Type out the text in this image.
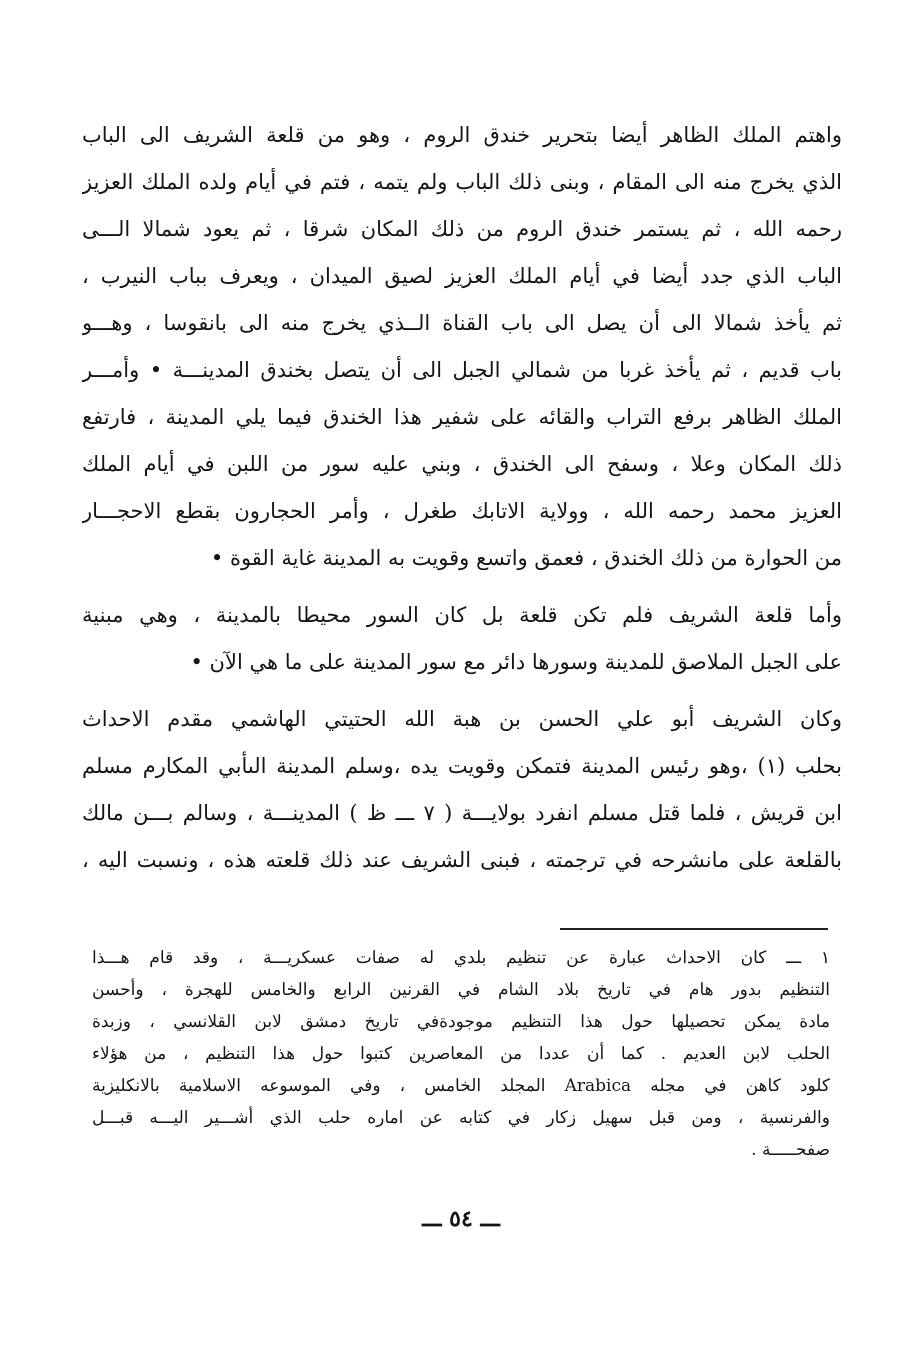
واهتم الملك الظاهر أيضا بتحرير خندق الروم ، وهو من قلعة الشريف الى الباب
الذي يخرج منه الى المقام ، وبنى ذلك الباب ولم يتمه ، فتم في أيام ولده الملك العزيز
رحمه الله ، ثم يستمر خندق الروم من ذلك المكان شرقا ، ثم يعود شمالا الـــى
الباب الذي جدد أيضا في أيام الملك العزيز لصيق الميدان ، ويعرف بباب النيرب ،
ثم يأخذ شمالا الى أن يصل الى باب القناة الــذي يخرج منه الى بانقوسا ، وهـــو
باب قديم ، ثم يأخذ غربا من شمالي الجبل الى أن يتصل بخندق المدينـــة • وأمـــر
الملك الظاهر برفع التراب والقائه على شفير هذا الخندق فيما يلي المدينة ، فارتفع
ذلك المكان وعلا ، وسفح الى الخندق ، وبني عليه سور من اللبن في أيام الملك
العزيز محمد رحمه الله ، وولاية الاتابك طغرل ، وأمر الحجارون بقطع الاحجـــار
من الحوارة من ذلك الخندق ، فعمق واتسع وقويت به المدينة غاية القوة •
وأما قلعة الشريف فلم تكن قلعة بل كان السور محيطا بالمدينة ، وهي مبنية
على الجبل الملاصق للمدينة وسورها دائر مع سور المدينة على ما هي الآن •
وكان الشريف أبو علي الحسن بن هبة الله الحتيتي الهاشمي مقدم الاحداث
بحلب (١) ،وهو رئيس المدينة فتمكن وقويت يده ،وسلم المدينة الىأبي المكارم مسلم
ابن قريش ، فلما قتل مسلم انفرد بولايـــة ( ٧ ـــ ظ ) المدينـــة ، وسالم بـــن مالك
بالقلعة على مانشرحه في ترجمته ، فبنى الشريف عند ذلك قلعته هذه ، ونسبت اليه ،
١ ـــ كان الاحداث عبارة عن تنظيم بلدي له صفات عسكريـــة ، وقد قام هـــذا
التنظيم بدور هام في تاريخ بلاد الشام في القرنين الرابع والخامس للهجرة ، وأحسن
مادة يمكن تحصيلها حول هذا التنظيم موجودةفي تاريخ دمشق لابن القلانسي ، وزبدة
الحلب لابن العديم . كما أن عددا من المعاصرين كتبوا حول هذا التنظيم ، من هؤلاء
كلود كاهن في مجله Arabica المجلد الخامس ، وفي الموسوعه الاسلامية بالانكليزية
والفرنسية ، ومن قبل سهيل زكار في كتابه عن اماره حلب الذي أشـــير اليـــه قبـــل
صفحـــــة .
ـــ ٥٤ ـــ
